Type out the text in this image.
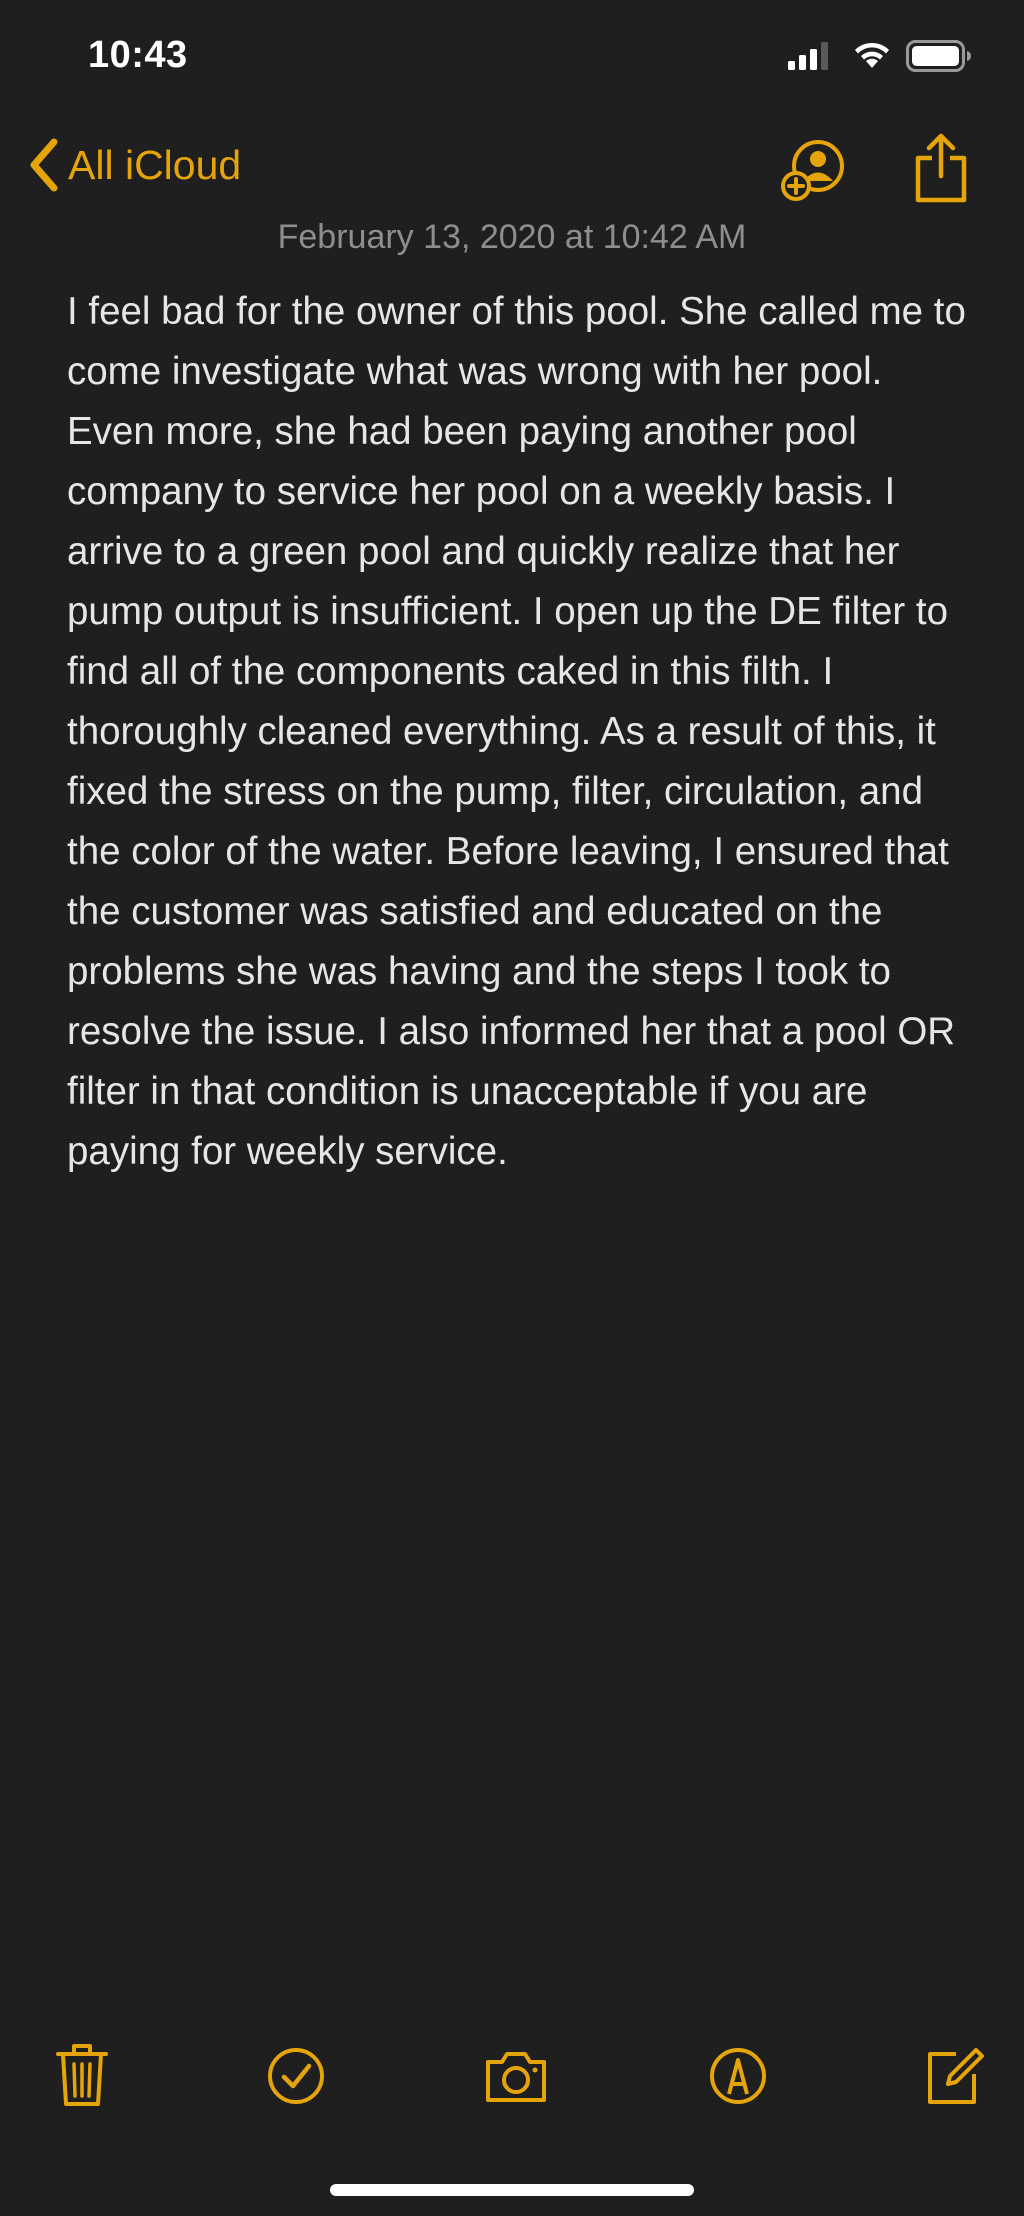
10:43
All iCloud
February 13, 2020 at 10:42 AM
I feel bad for the owner of this pool. She called me to come investigate what was wrong with her pool. Even more, she had been paying another pool company to service her pool on a weekly basis. I arrive to a green pool and quickly realize that her pump output is insufficient. I open up the DE filter to find all of the components caked in this filth. I thoroughly cleaned everything. As a result of this, it fixed the stress on the pump, filter, circulation, and the color of the water. Before leaving, I ensured that the customer was satisfied and educated on the problems she was having and the steps I took to resolve the issue. I also informed her that a pool OR filter in that condition is unacceptable if you are paying for weekly service.
